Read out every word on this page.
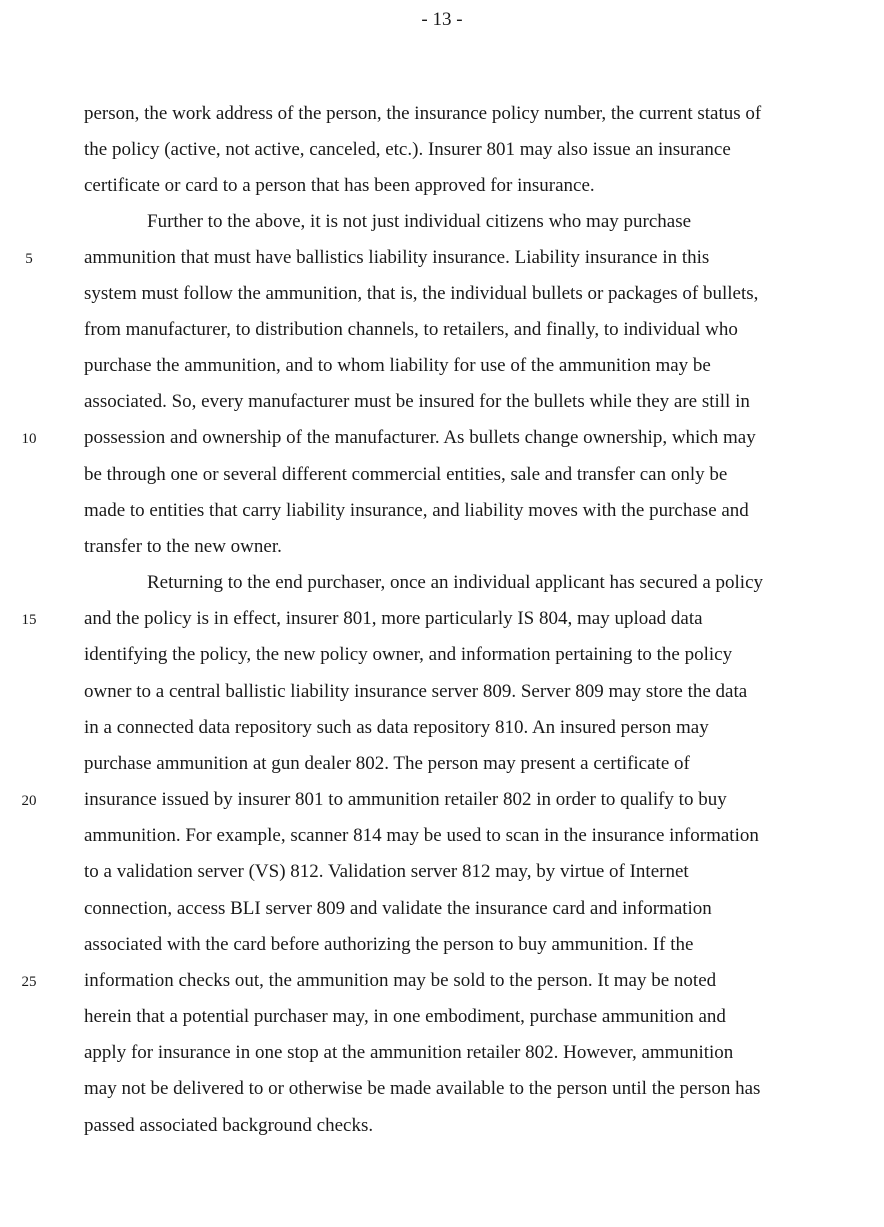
- 13 -
person, the work address of the person, the insurance policy number, the current status of
the policy (active, not active, canceled, etc.). Insurer 801 may also issue an insurance
certificate or card to a person that has been approved for insurance.
Further to the above, it is not just individual citizens who may purchase
ammunition that must have ballistics liability insurance. Liability insurance in this
system must follow the ammunition, that is, the individual bullets or packages of bullets,
from manufacturer, to distribution channels, to retailers, and finally, to individual who
purchase the ammunition, and to whom liability for use of the ammunition may be
associated. So, every manufacturer must be insured for the bullets while they are still in
possession and ownership of the manufacturer. As bullets change ownership, which may
be through one or several different commercial entities, sale and transfer can only be
made to entities that carry liability insurance, and liability moves with the purchase and
transfer to the new owner.
Returning to the end purchaser, once an individual applicant has secured a policy
and the policy is in effect, insurer 801, more particularly IS 804, may upload data
identifying the policy, the new policy owner, and information pertaining to the policy
owner to a central ballistic liability insurance server 809. Server 809 may store the data
in a connected data repository such as data repository 810. An insured person may
purchase ammunition at gun dealer 802. The person may present a certificate of
insurance issued by insurer 801 to ammunition retailer 802 in order to qualify to buy
ammunition. For example, scanner 814 may be used to scan in the insurance information
to a validation server (VS) 812. Validation server 812 may, by virtue of Internet
connection, access BLI server 809 and validate the insurance card and information
associated with the card before authorizing the person to buy ammunition. If the
information checks out, the ammunition may be sold to the person. It may be noted
herein that a potential purchaser may, in one embodiment, purchase ammunition and
apply for insurance in one stop at the ammunition retailer 802. However, ammunition
may not be delivered to or otherwise be made available to the person until the person has
passed associated background checks.
5
10
15
20
25
